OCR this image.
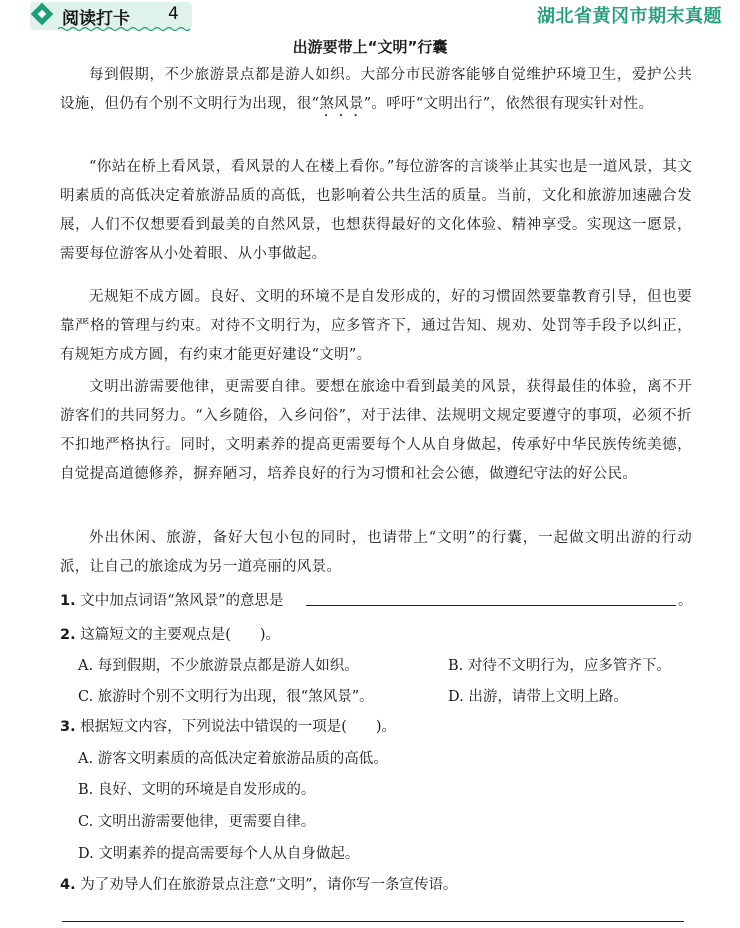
阅读打卡 4	湖北省黄冈市期末真题
出游要带上“文明”行囊
每到假期，不少旅游景点都是游人如织。大部分市民游客能够自觉维护环境卫生，爱护公共设施，但仍有个别不文明行为出现，很“煞风景”。呼吁“文明出行”，依然很有现实针对性。
“你站在桥上看风景，看风景的人在楼上看你。”每位游客的言谈举止其实也是一道风景，其文明素质的高低决定着旅游品质的高低，也影响着公共生活的质量。当前，文化和旅游加速融合发展，人们不仅想要看到最美的自然风景，也想获得最好的文化体验、精神享受。实现这一愿景，需要每位游客从小处着眼、从小事做起。
无规矩不成方圆。良好、文明的环境不是自发形成的，好的习惯固然要靠教育引导，但也要靠严格的管理与约束。对待不文明行为，应多管齐下，通过告知、规劝、处罚等手段予以纠正，有规矩方成方圆，有约束才能更好建设“文明”。
文明出游需要他律，更需要自律。要想在旅途中看到最美的风景，获得最佳的体验，离不开游客们的共同努力。“入乡随俗，入乡问俗”，对于法律、法规明文规定要遵守的事项，必须不折不扣地严格执行。同时，文明素养的提高更需要每个人从自身做起，传承好中华民族传统美德，自觉提高道德修养，摒弃陋习，培养良好的行为习惯和社会公德，做遵纪守法的好公民。
外出休闲、旅游，备好大包小包的同时，也请带上“文明”的行囊，一起做文明出游的行动派，让自己的旅途成为另一道亮丽的风景。
1. 文中加点词语“煞风景”的意思是	。
2. 这篇短文的主要观点是(　　)。
A. 每到假期，不少旅游景点都是游人如织。	B. 对待不文明行为，应多管齐下。
C. 旅游时个别不文明行为出现，很“煞风景”。	D. 出游，请带上文明上路。
3. 根据短文内容，下列说法中错误的一项是(　　)。
A. 游客文明素质的高低决定着旅游品质的高低。
B. 良好、文明的环境是自发形成的。
C. 文明出游需要他律，更需要自律。
D. 文明素养的提高需要每个人从自身做起。
4. 为了劝导人们在旅游景点注意“文明”，请你写一条宣传语。
